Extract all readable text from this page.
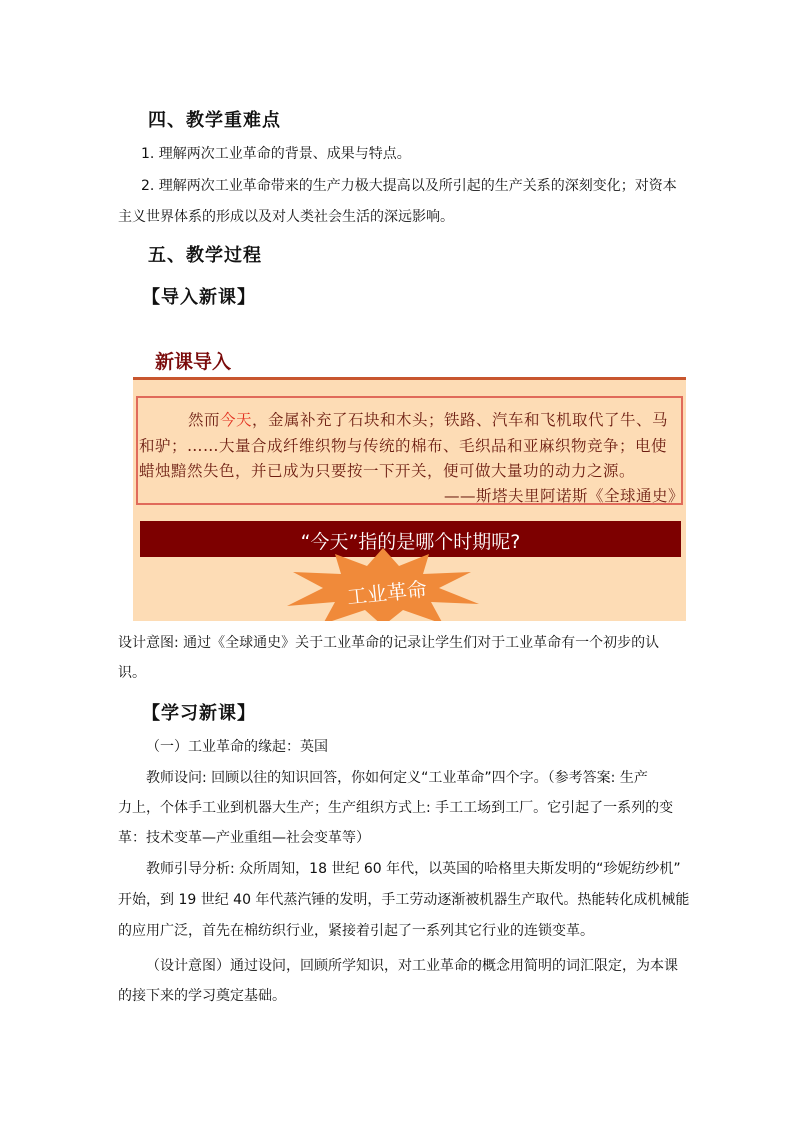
四、教学重难点
1. 理解两次工业革命的背景、成果与特点。
2. 理解两次工业革命带来的生产力极大提高以及所引起的生产关系的深刻变化；对资本
主义世界体系的形成以及对人类社会生活的深远影响。
五、教学过程
【导入新课】
新课导入
然而今天，金属补充了石块和木头；铁路、汽车和飞机取代了牛、马
和驴；……大量合成纤维织物与传统的棉布、毛织品和亚麻织物竞争；电使
蜡烛黯然失色，并已成为只要按一下开关，便可做大量功的动力之源。
——斯塔夫里阿诺斯《全球通史》
“今天”指的是哪个时期呢?
工业革命
设计意图: 通过《全球通史》关于工业革命的记录让学生们对于工业革命有一个初步的认
识。
【学习新课】
（一）工业革命的缘起：英国
教师设问: 回顾以往的知识回答，你如何定义“工业革命”四个字。（参考答案: 生产
力上，个体手工业到机器大生产；生产组织方式上: 手工工场到工厂。它引起了一系列的变
革：技术变革—产业重组—社会变革等）
教师引导分析: 众所周知，18 世纪 60 年代，以英国的哈格里夫斯发明的“珍妮纺纱机”
开始，到 19 世纪 40 年代蒸汽锤的发明，手工劳动逐渐被机器生产取代。热能转化成机械能
的应用广泛，首先在棉纺织行业，紧接着引起了一系列其它行业的连锁变革。
（设计意图）通过设问，回顾所学知识，对工业革命的概念用简明的词汇限定，为本课
的接下来的学习奠定基础。
